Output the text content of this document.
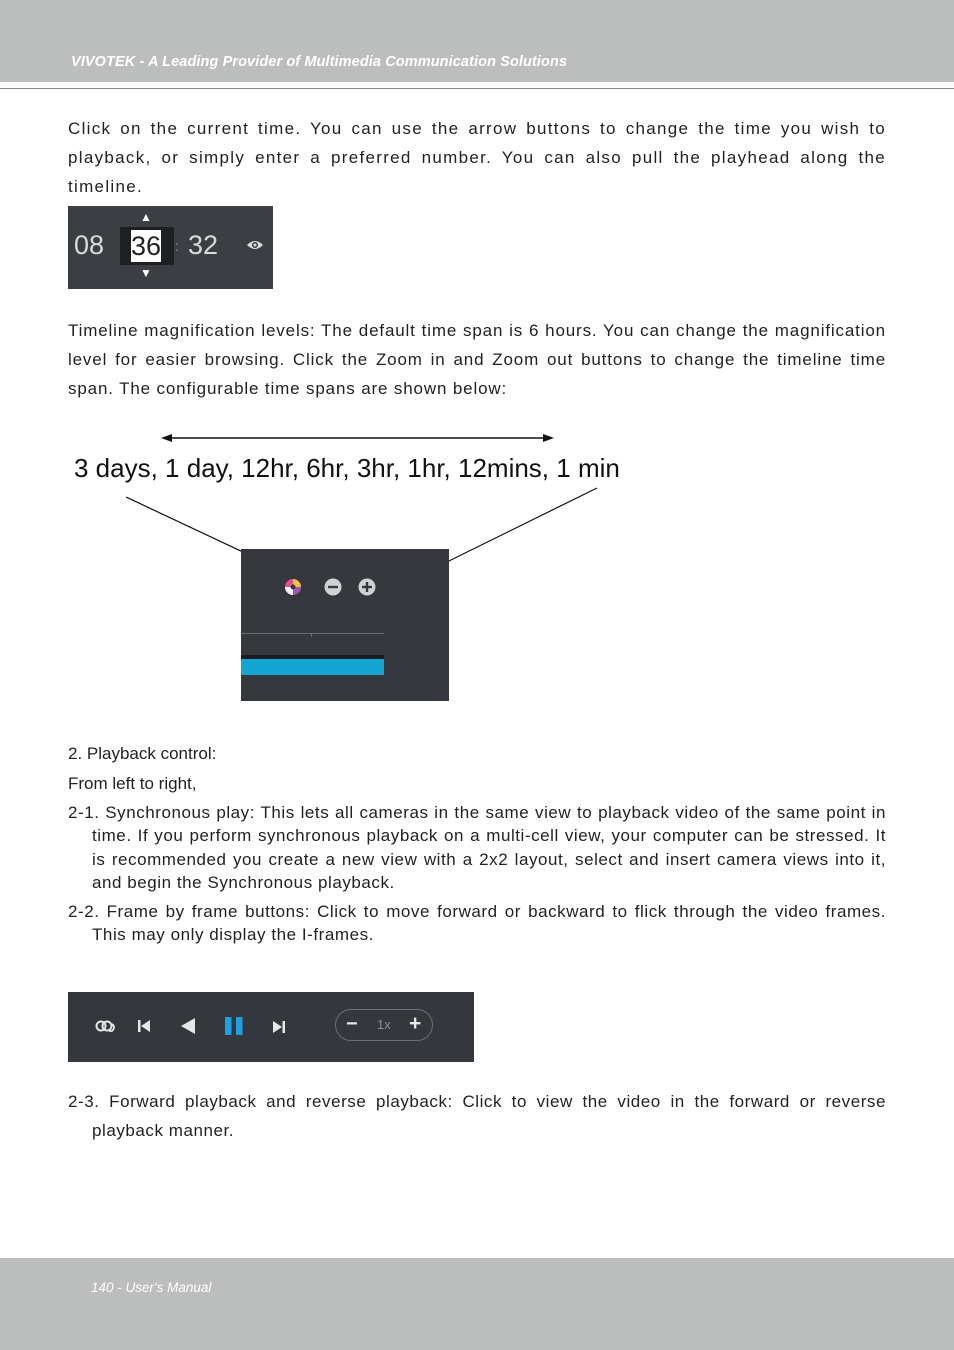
VIVOTEK - A Leading Provider of Multimedia Communication Solutions
Click on the current time. You can use the arrow buttons to change the time you wish to playback, or simply enter a preferred number. You can also pull the playhead along the timeline.
08 36
▲
▼
: 32
Timeline magnification levels: The default time span is 6 hours. You can change the magnification level for easier browsing. Click the Zoom in and Zoom out buttons to change the timeline time span. The configurable time spans are shown below:
3 days, 1 day, 12hr, 6hr, 3hr, 1hr, 12mins, 1 min
2. Playback control:
From left to right,
2-1. Synchronous play: This lets all cameras in the same view to playback video of the same point in time. If you perform synchronous playback on a multi-cell view, your computer can be stressed. It is recommended you create a new view with a 2x2 layout, select and insert camera views into it, and begin the Synchronous playback.
2-2. Frame by frame buttons: Click to move forward or backward to flick through the video frames. This may only display the I-frames.
− 1x +
2-3. Forward playback and reverse playback: Click to view the video in the forward or reverse playback manner.
140 - User's Manual
